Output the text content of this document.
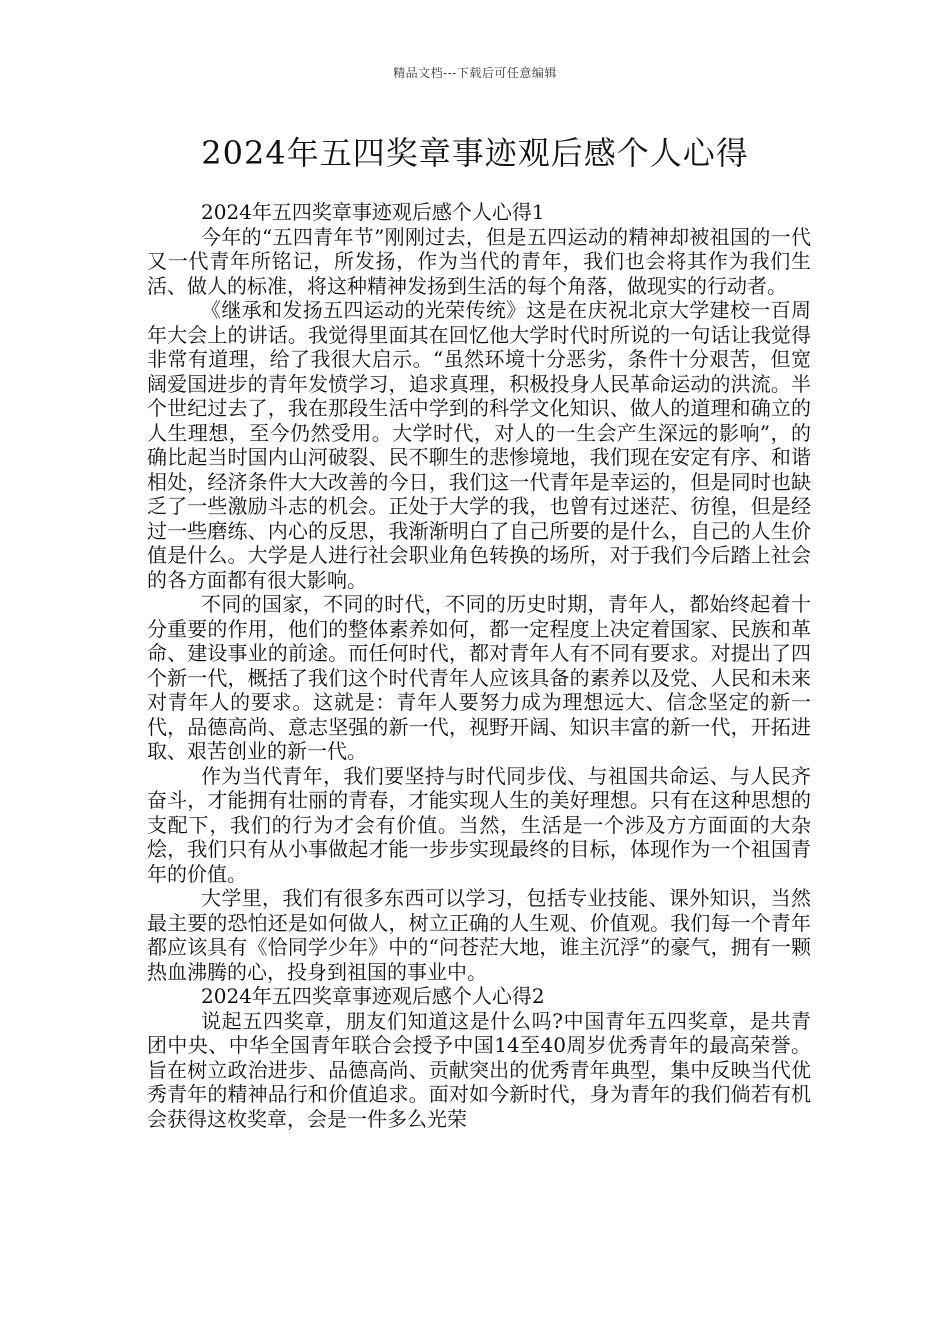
精品文档---下载后可任意编辑
2024年五四奖章事迹观后感个人心得
2024年五四奖章事迹观后感个人心得1

今年的“五四青年节”刚刚过去，但是五四运动的精神却被祖国的一代又一代青年所铭记，所发扬，作为当代的青年，我们也会将其作为我们生活、做人的标准，将这种精神发扬到生活的每个角落，做现实的行动者。

《继承和发扬五四运动的光荣传统》这是在庆祝北京大学建校一百周年大会上的讲话。我觉得里面其在回忆他大学时代时所说的一句话让我觉得非常有道理，给了我很大启示。“虽然环境十分恶劣，条件十分艰苦，但宽阔爱国进步的青年发愤学习，追求真理，积极投身人民革命运动的洪流。半个世纪过去了，我在那段生活中学到的科学文化知识、做人的道理和确立的人生理想，至今仍然受用。大学时代，对人的一生会产生深远的影响”，的确比起当时国内山河破裂、民不聊生的悲惨境地，我们现在安定有序、和谐相处，经济条件大大改善的今日，我们这一代青年是幸运的，但是同时也缺乏了一些激励斗志的机会。正处于大学的我，也曾有过迷茫、彷徨，但是经过一些磨练、内心的反思，我渐渐明白了自己所要的是什么，自己的人生价值是什么。大学是人进行社会职业角色转换的场所，对于我们今后踏上社会的各方面都有很大影响。

不同的国家，不同的时代，不同的历史时期，青年人，都始终起着十分重要的作用，他们的整体素养如何，都一定程度上决定着国家、民族和革命、建设事业的前途。而任何时代，都对青年人有不同有要求。对提出了四个新一代，概括了我们这个时代青年人应该具备的素养以及党、人民和未来对青年人的要求。这就是：青年人要努力成为理想远大、信念坚定的新一代，品德高尚、意志坚强的新一代，视野开阔、知识丰富的新一代，开拓进取、艰苦创业的新一代。

作为当代青年，我们要坚持与时代同步伐、与祖国共命运、与人民齐奋斗，才能拥有壮丽的青春，才能实现人生的美好理想。只有在这种思想的支配下，我们的行为才会有价值。当然，生活是一个涉及方方面面的大杂烩，我们只有从小事做起才能一步步实现最终的目标，体现作为一个祖国青年的价值。

大学里，我们有很多东西可以学习，包括专业技能、课外知识，当然最主要的恐怕还是如何做人，树立正确的人生观、价值观。我们每一个青年都应该具有《恰同学少年》中的“问苍茫大地，谁主沉浮”的豪气，拥有一颗热血沸腾的心，投身到祖国的事业中。

2024年五四奖章事迹观后感个人心得2

说起五四奖章，朋友们知道这是什么吗?中国青年五四奖章，是共青团中央、中华全国青年联合会授予中国14至40周岁优秀青年的最高荣誉。旨在树立政治进步、品德高尚、贡献突出的优秀青年典型，集中反映当代优秀青年的精神品行和价值追求。面对如今新时代，身为青年的我们倘若有机会获得这枚奖章，会是一件多么光荣
